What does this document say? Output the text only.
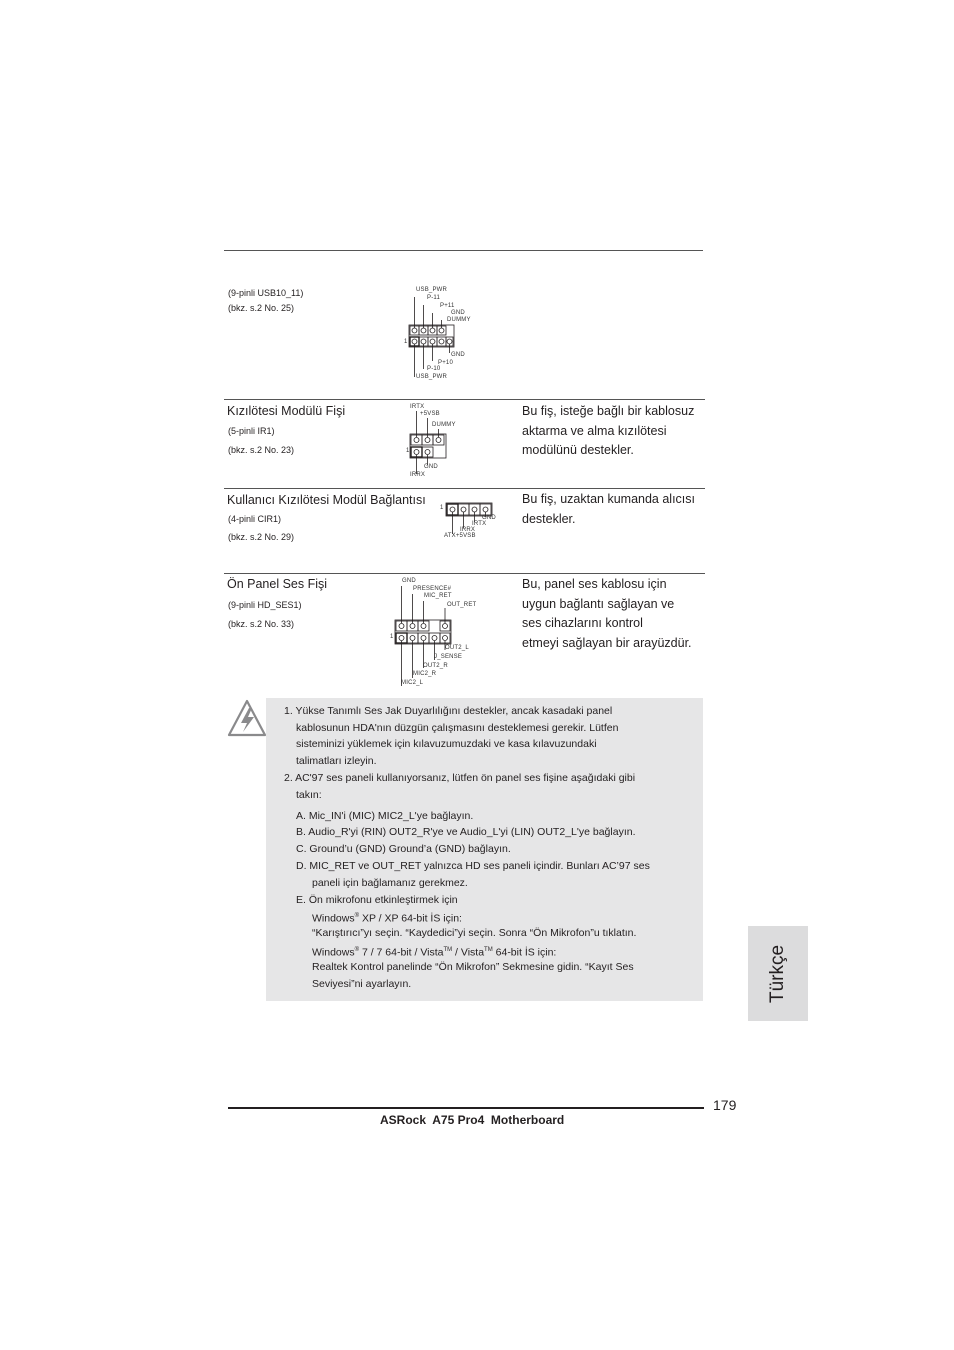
(9-pinli USB10_11)
(bkz. s.2 No. 25)
USB_PWR
P-11
P+11
GND
DUMMY
GND
P+10
P-10
USB_PWR
1
Kızılötesi Modülü Fişi
(5-pinli IR1)
(bkz. s.2 No. 23)
Bu fiş, isteğe bağlı bir kablosuz
aktarma ve alma kızılötesi
modülünü destekler.
IRTX
+5VSB
DUMMY
GND
IRRX
1
Kullanıcı Kızılötesi Modül Bağlantısı
(4-pinli CIR1)
(bkz. s.2 No. 29)
Bu fiş, uzaktan kumanda alıcısı
destekler.
GND
IRTX
IRRX
ATX+5VSB
1
Ön Panel Ses Fişi
(9-pinli HD_SES1)
(bkz. s.2 No. 33)
Bu, panel ses kablosu için
uygun bağlantı sağlayan ve
ses cihazlarını kontrol
etmeyi sağlayan bir arayüzdür.
GND
PRESENCE#
MIC_RET
OUT_RET
OUT2_L
J_SENSE
OUT2_R
MIC2_R
MIC2_L
1
1. Yükse Tanımlı Ses Jak Duyarlılığını destekler, ancak kasadaki panel
kablosunun HDA'nın düzgün çalışmasını desteklemesi gerekir. Lütfen
sisteminizi yüklemek için kılavuzumuzdaki ve kasa kılavuzundaki
talimatları izleyin.
2. AC'97 ses paneli kullanıyorsanız, lütfen ön panel ses fişine aşağıdaki gibi
takın:
A. Mic_IN'i (MIC) MIC2_L'ye bağlayın.
B. Audio_R'yi (RIN) OUT2_R'ye ve Audio_L'yi (LIN) OUT2_L'ye bağlayın.
C. Ground’u (GND) Ground’a (GND) bağlayın.
D. MIC_RET ve OUT_RET yalnızca HD ses paneli içindir. Bunları AC’97 ses
paneli için bağlamanız gerekmez.
E. Ön mikrofonu etkinleştirmek için
Windows® XP / XP 64-bit İS için:
“Karıştırıcı”yı seçin. “Kaydedici”yi seçin. Sonra “Ön Mikrofon”u tıklatın.
Windows® 7 / 7 64-bit / Vista™ / Vista™ 64-bit İS için:
Realtek Kontrol panelinde “Ön Mikrofon” Sekmesine gidin. “Kayıt Ses
Seviyesi”ni ayarlayın.	Türkçe
179
ASRock  A75 Pro4  Motherboard
